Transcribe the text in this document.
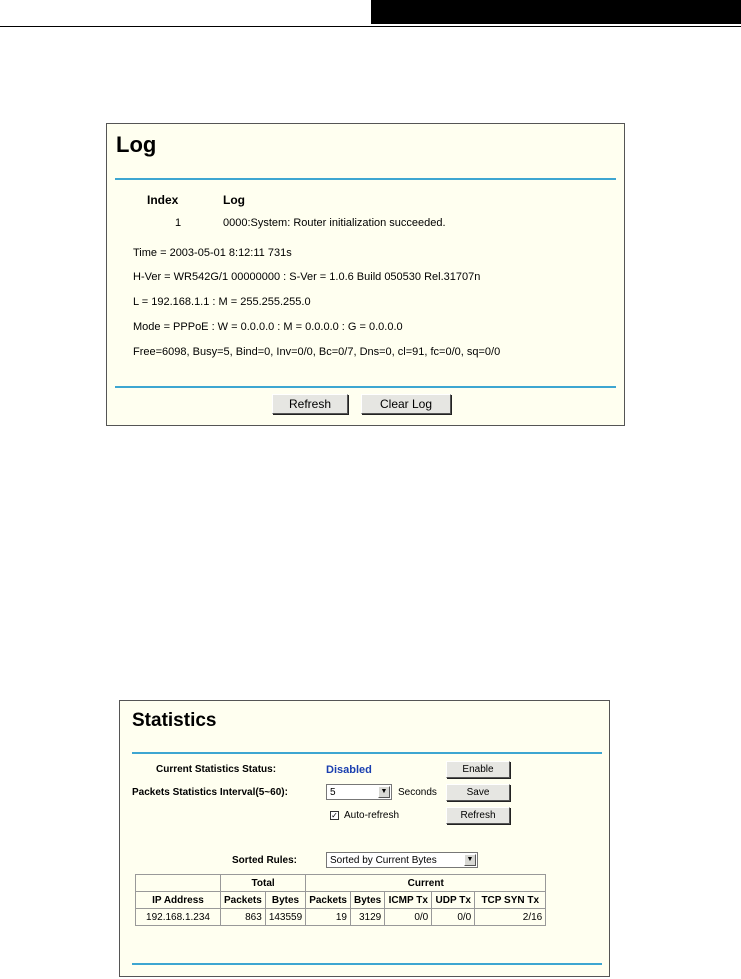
Log
Index	Log
1	0000:System: Router initialization succeeded.
Time = 2003-05-01 8:12:11 731s
H-Ver = WR542G/1 00000000 : S-Ver = 1.0.6 Build 050530 Rel.31707n
L = 192.168.1.1 : M = 255.255.255.0
Mode = PPPoE : W = 0.0.0.0 : M = 0.0.0.0 : G = 0.0.0.0
Free=6098, Busy=5, Bind=0, Inv=0/0, Bc=0/7, Dns=0, cl=91, fc=0/0, sq=0/0
Refresh	Clear Log
Statistics
Current Statistics Status:	Disabled	Enable
Packets Statistics Interval(5~60):	5	▼ Seconds	Save
✓ Auto-refresh	Refresh
Sorted Rules:	Sorted by Current Bytes	▼
	Total		Current				
IP Address	Packets	Bytes	Packets	Bytes	ICMP Tx	UDP Tx	TCP SYN Tx
192.168.1.234	863	143559	19	3129	0/0	0/0	2/16
